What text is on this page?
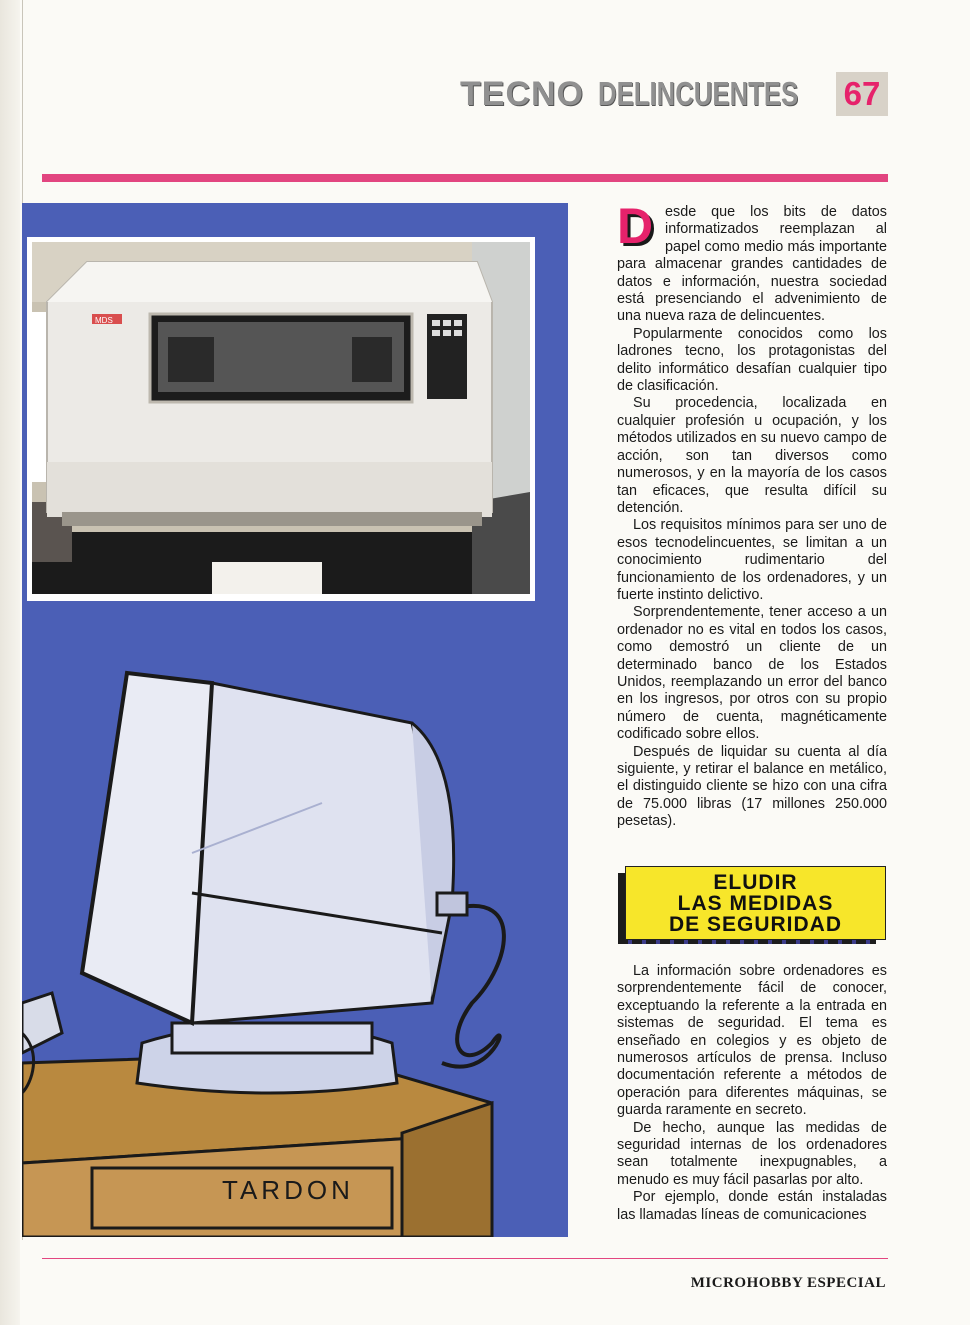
TECNO DELINCUENTES 67
TARDON
MDS

Desde que los bits de datos informatizados reemplazan al papel como medio más importante para almacenar grandes cantidades de datos e información, nuestra sociedad está presenciando el advenimiento de una nueva raza de delincuentes.

Popularmente conocidos como los ladrones tecno, los protagonistas del delito informático desafían cualquier tipo de clasificación.

Su procedencia, localizada en cualquier profesión u ocupación, y los métodos utilizados en su nuevo campo de acción, son tan diversos como numerosos, y en la mayoría de los casos tan eficaces, que resulta difícil su detención.

Los requisitos mínimos para ser uno de esos tecnodelincuentes, se limitan a un conocimiento rudimentario del funcionamiento de los ordenadores, y un fuerte instinto delictivo.

Sorprendentemente, tener acceso a un ordenador no es vital en todos los casos, como demostró un cliente de un determinado banco de los Estados Unidos, reemplazando un error del banco en los ingresos, por otros con su propio número de cuenta, magnéticamente codificado sobre ellos.

Después de liquidar su cuenta al día siguiente, y retirar el balance en metálico, el distinguido cliente se hizo con una cifra de 75.000 libras (17 millones 250.000 pesetas).

ELUDIR
LAS MEDIDAS
DE SEGURIDAD

La información sobre ordenadores es sorprendentemente fácil de conocer, exceptuando la referente a la entrada en sistemas de seguridad. El tema es enseñado en colegios y es objeto de numerosos artículos de prensa. Incluso documentación referente a métodos de operación para diferentes máquinas, se guarda raramente en secreto.

De hecho, aunque las medidas de seguridad internas de los ordenadores sean totalmente inexpugnables, a menudo es muy fácil pasarlas por alto.

Por ejemplo, donde están instaladas las llamadas líneas de comunicaciones

MICROHOBBY ESPECIAL
